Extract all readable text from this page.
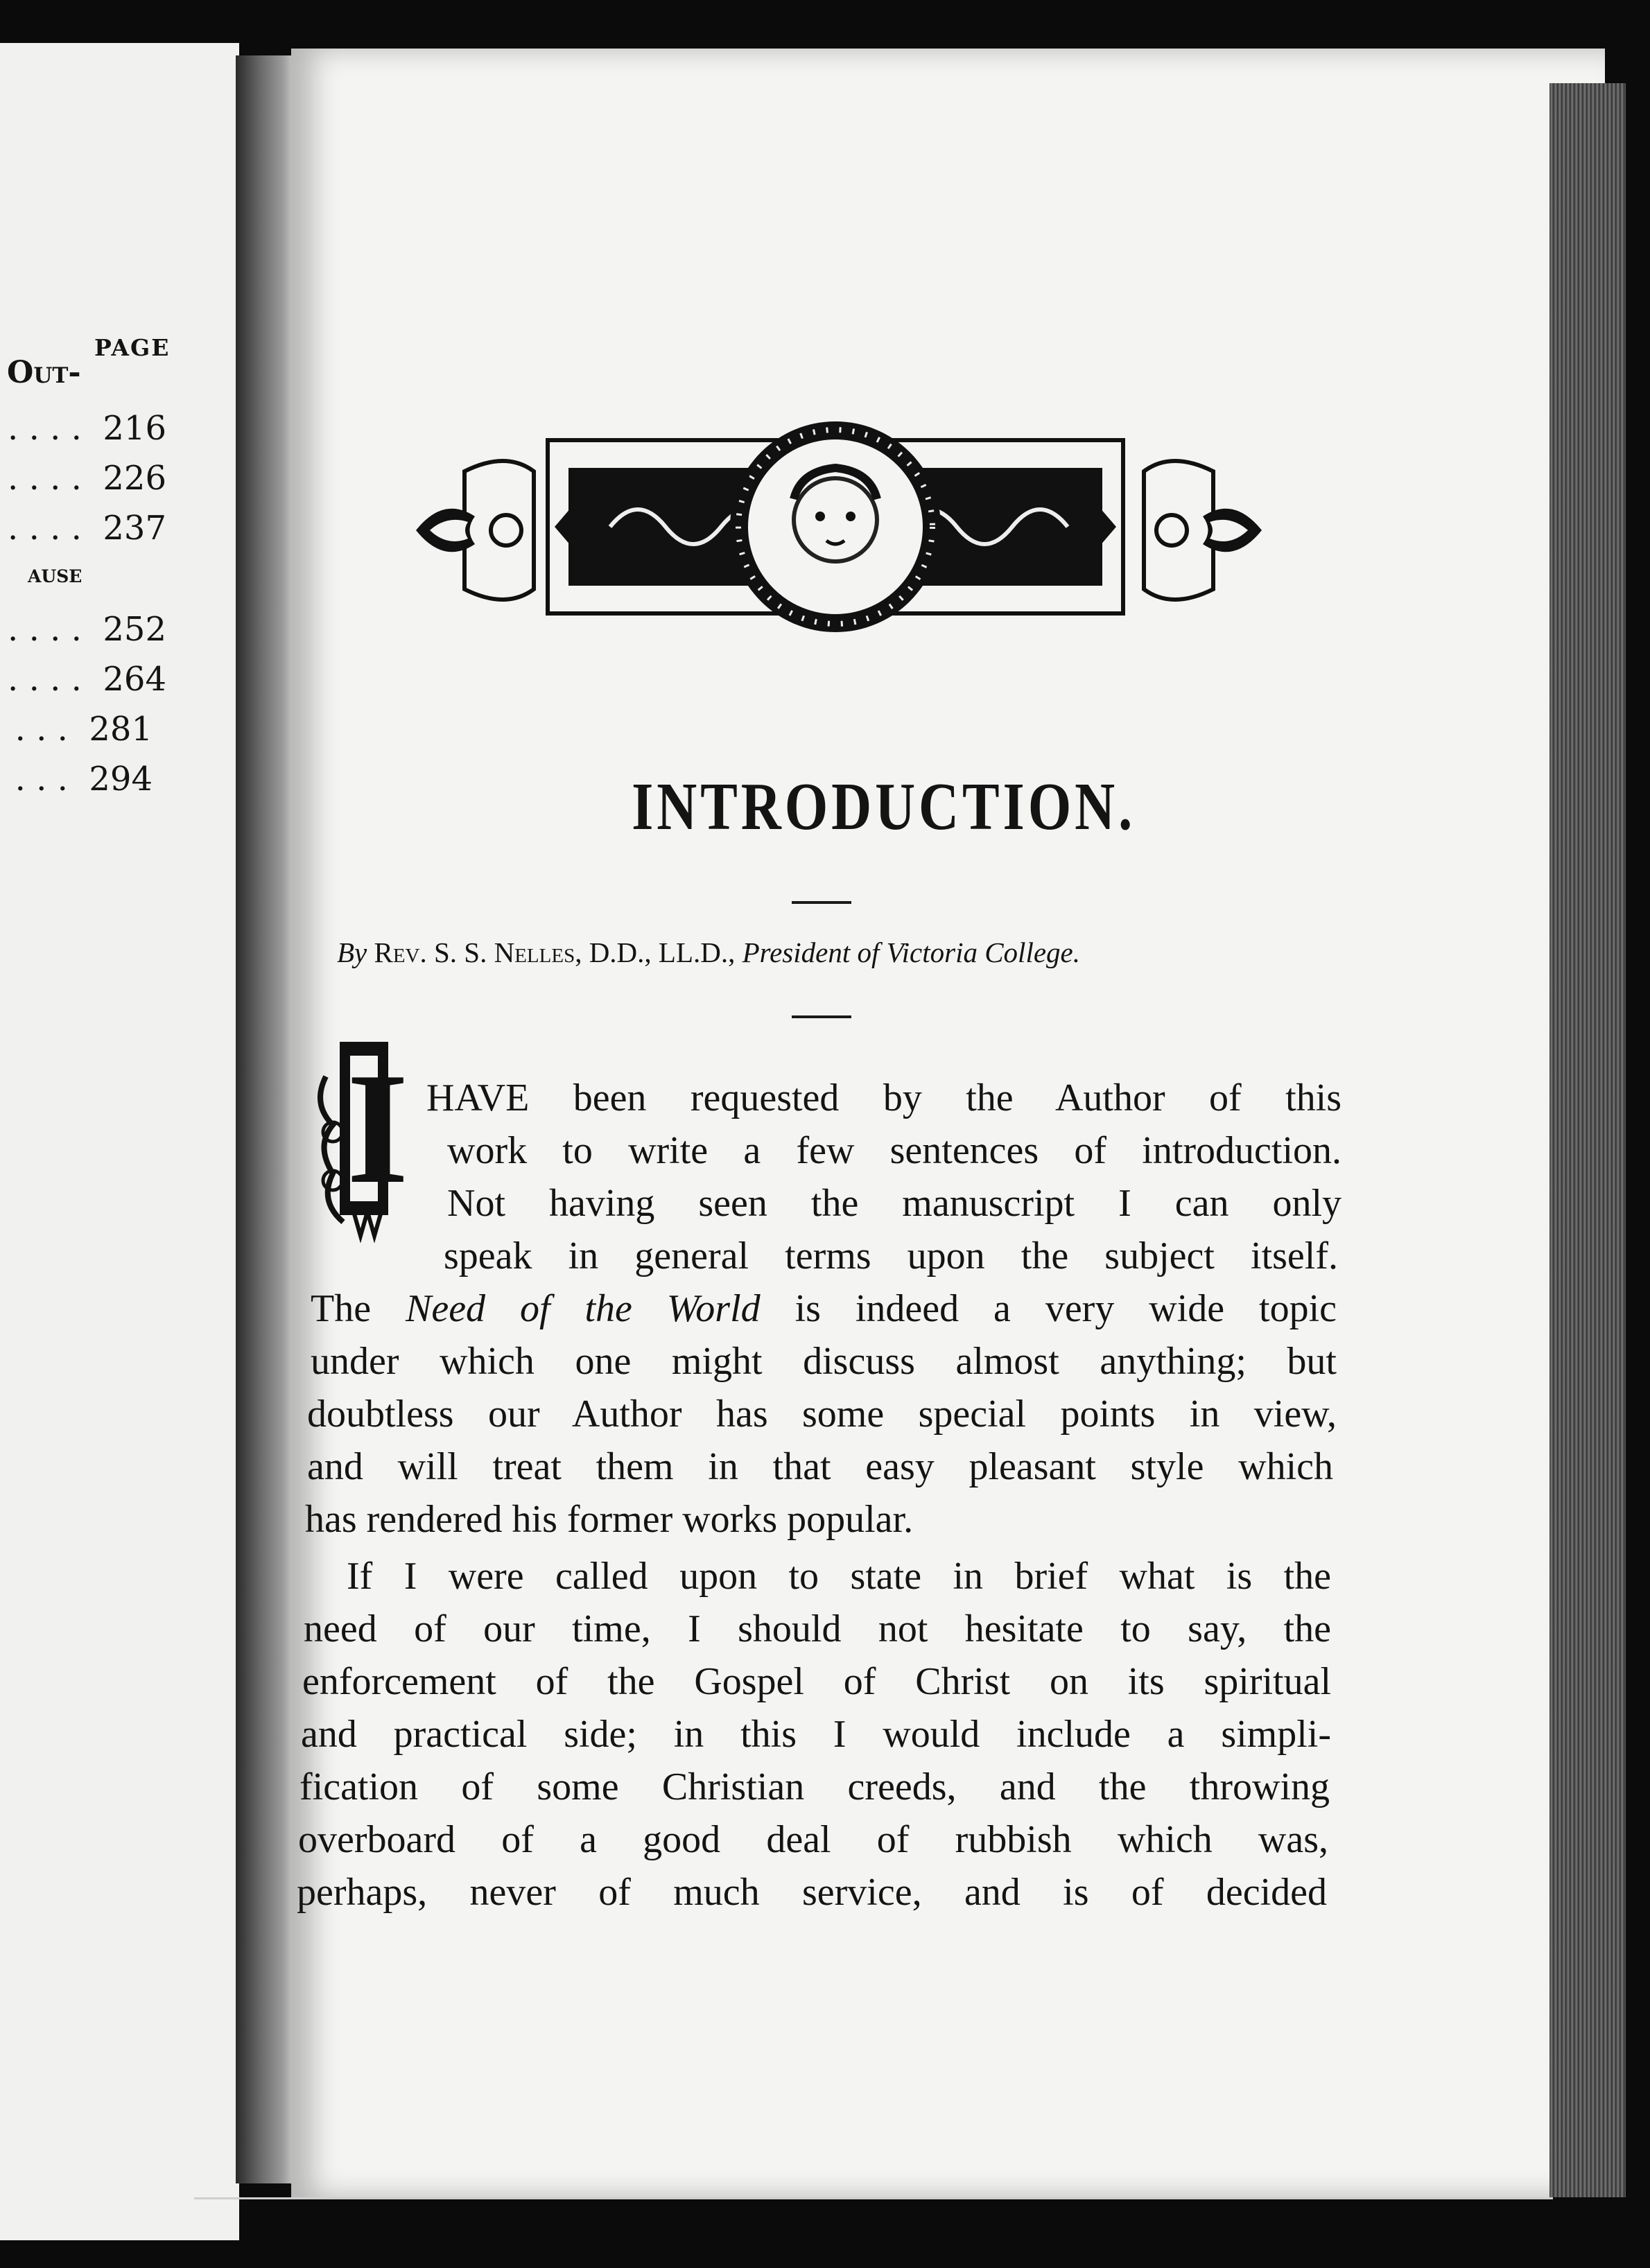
PAGE
Out-
. . . . 216
. . . . 226
. . . . 237
ause
. . . . 252
. . . . 264
. . . 281
. . . 294	INTRODUCTION.
By Rev. S. S. Nelles, D.D., LL.D., President of Victoria College.
I HAVE been requested by the Author of this
work to write a few sentences of introduction.
Not having seen the manuscript I can only
speak in general terms upon the subject itself.
The Need of the World is indeed a very wide topic
under which one might discuss almost anything; but
doubtless our Author has some special points in view,
and will treat them in that easy pleasant style which
has rendered his former works popular.
If I were called upon to state in brief what is the
need of our time, I should not hesitate to say, the
enforcement of the Gospel of Christ on its spiritual
and practical side; in this I would include a simpli-
fication of some Christian creeds, and the throwing
overboard of a good deal of rubbish which was,
perhaps, never of much service, and is of decided
